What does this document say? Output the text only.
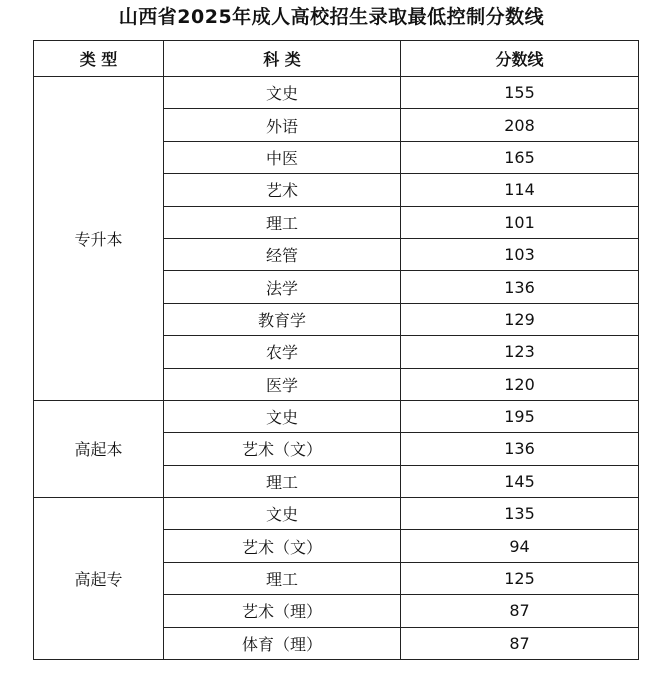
山西省2025年成人高校招生录取最低控制分数线
类 型	科 类	分数线
专升本	文史	155
	外语	208
	中医	165
	艺术	114
	理工	101
	经管	103
	法学	136
	教育学	129
	农学	123
	医学	120
高起本	文史	195
	艺术（文）	136
	理工	145
高起专	文史	135
	艺术（文）	94
	理工	125
	艺术（理）	87
	体育（理）	87
